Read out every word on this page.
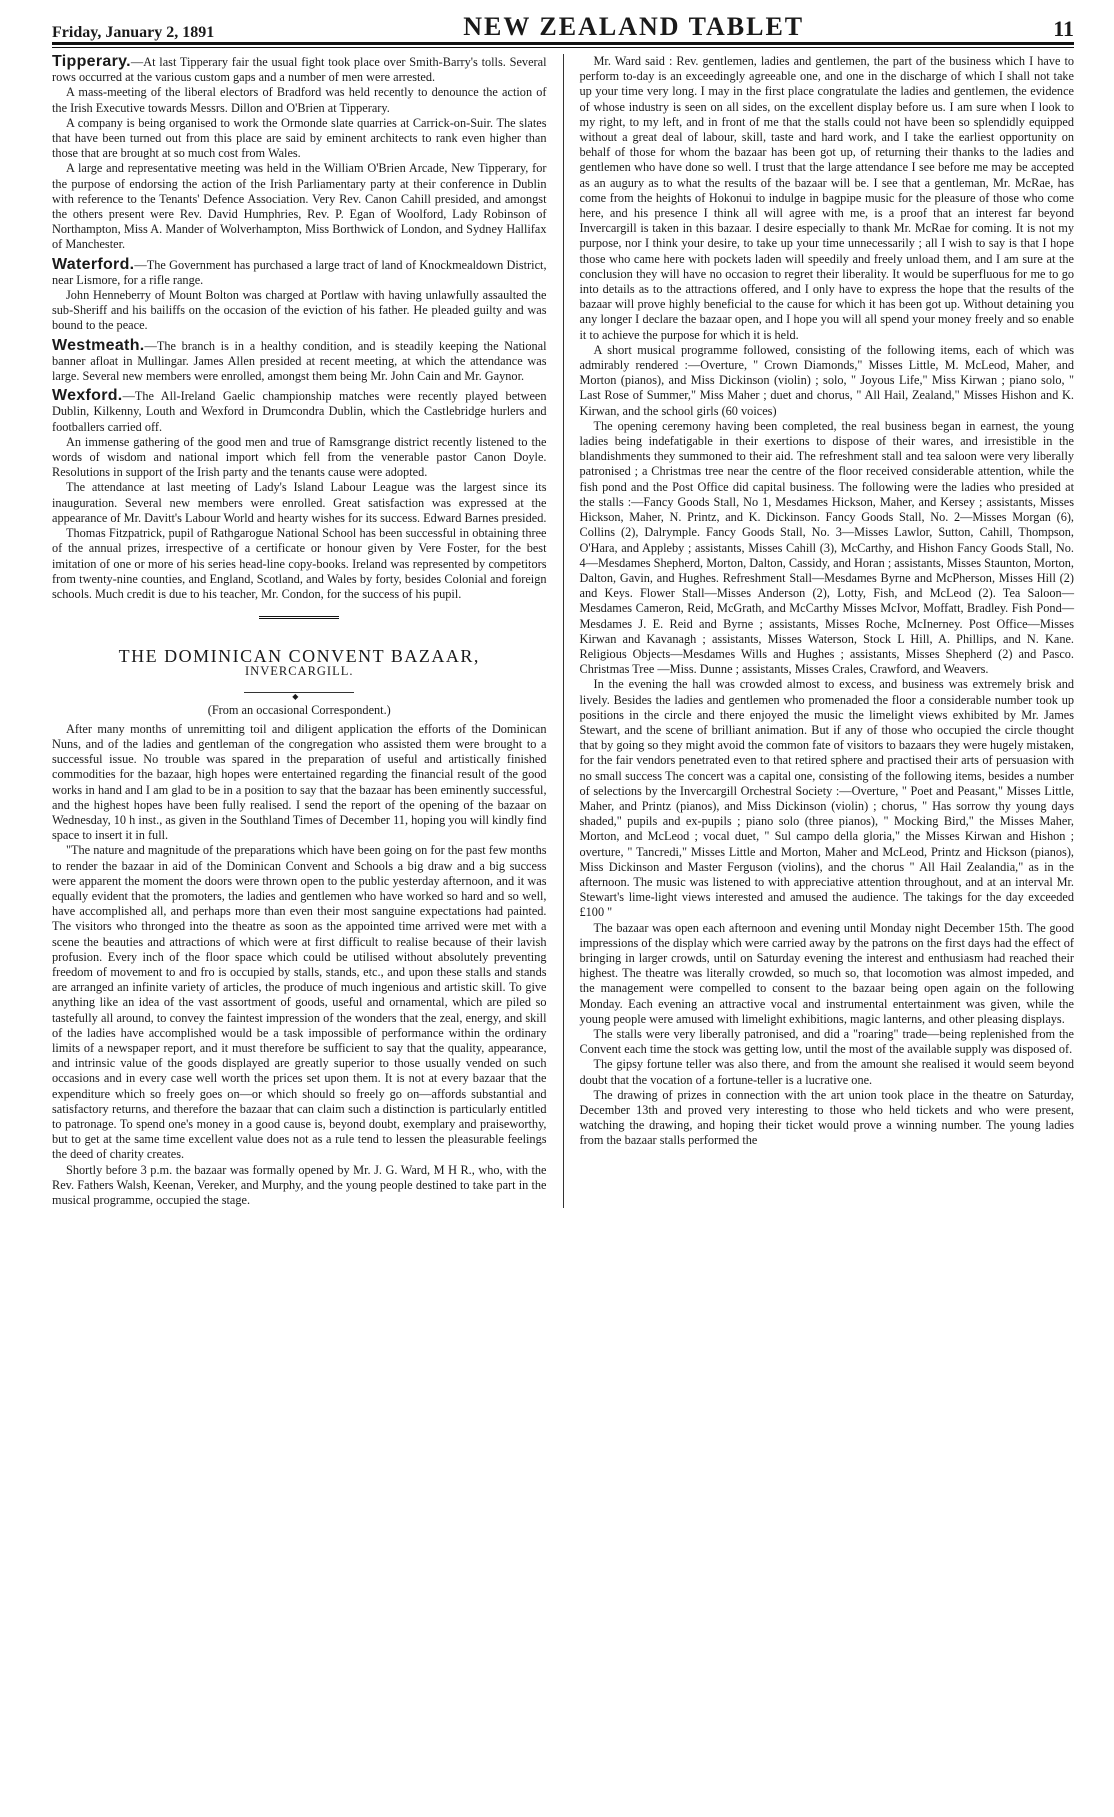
Friday, January 2, 1891	NEW ZEALAND TABLET	11

Tipperary.—At last Tipperary fair the usual fight took place over Smith-Barry's tolls. Several rows occurred at the various custom gaps and a number of men were arrested.

A mass-meeting of the liberal electors of Bradford was held recently to denounce the action of the Irish Executive towards Messrs. Dillon and O'Brien at Tipperary.

A company is being organised to work the Ormonde slate quarries at Carrick-on-Suir. The slates that have been turned out from this place are said by eminent architects to rank even higher than those that are brought at so much cost from Wales.

A large and representative meeting was held in the William O'Brien Arcade, New Tipperary, for the purpose of endorsing the action of the Irish Parliamentary party at their conference in Dublin with reference to the Tenants' Defence Association. Very Rev. Canon Cahill presided, and amongst the others present were Rev. David Humphries, Rev. P. Egan of Woolford, Lady Robinson of Northampton, Miss A. Mander of Wolverhampton, Miss Borthwick of London, and Sydney Hallifax of Manchester.

Waterford.—The Government has purchased a large tract of land of Knockmealdown District, near Lismore, for a rifle range.

John Henneberry of Mount Bolton was charged at Portlaw with having unlawfully assaulted the sub-Sheriff and his bailiffs on the occasion of the eviction of his father. He pleaded guilty and was bound to the peace.

Westmeath.—The branch is in a healthy condition, and is steadily keeping the National banner afloat in Mullingar. James Allen presided at recent meeting, at which the attendance was large. Several new members were enrolled, amongst them being Mr. John Cain and Mr. Gaynor.

Wexford.—The All-Ireland Gaelic championship matches were recently played between Dublin, Kilkenny, Louth and Wexford in Drumcondra Dublin, which the Castlebridge hurlers and footballers carried off.

An immense gathering of the good men and true of Ramsgrange district recently listened to the words of wisdom and national import which fell from the venerable pastor Canon Doyle. Resolutions in support of the Irish party and the tenants cause were adopted.

The attendance at last meeting of Lady's Island Labour League was the largest since its inauguration. Several new members were enrolled. Great satisfaction was expressed at the appearance of Mr. Davitt's Labour World and hearty wishes for its success. Edward Barnes presided.

Thomas Fitzpatrick, pupil of Rathgarogue National School has been successful in obtaining three of the annual prizes, irrespective of a certificate or honour given by Vere Foster, for the best imitation of one or more of his series head-line copy-books. Ireland was represented by competitors from twenty-nine counties, and England, Scotland, and Wales by forty, besides Colonial and foreign schools. Much credit is due to his teacher, Mr. Condon, for the success of his pupil.

THE DOMINICAN CONVENT BAZAAR,
INVERCARGILL.
◆
(From an occasional Correspondent.)

After many months of unremitting toil and diligent application the efforts of the Dominican Nuns, and of the ladies and gentleman of the congregation who assisted them were brought to a successful issue. No trouble was spared in the preparation of useful and artistically finished commodities for the bazaar, high hopes were entertained regarding the financial result of the good works in hand and I am glad to be in a position to say that the bazaar has been eminently successful, and the highest hopes have been fully realised. I send the report of the opening of the bazaar on Wednesday, 10 h inst., as given in the Southland Times of December 11, hoping you will kindly find space to insert it in full.

"The nature and magnitude of the preparations which have been going on for the past few months to render the bazaar in aid of the Dominican Convent and Schools a big draw and a big success were apparent the moment the doors were thrown open to the public yesterday afternoon, and it was equally evident that the promoters, the ladies and gentlemen who have worked so hard and so well, have accomplished all, and perhaps more than even their most sanguine expectations had painted. The visitors who thronged into the theatre as soon as the appointed time arrived were met with a scene the beauties and attractions of which were at first difficult to realise because of their lavish profusion. Every inch of the floor space which could be utilised without absolutely preventing freedom of movement to and fro is occupied by stalls, stands, etc., and upon these stalls and stands are arranged an infinite variety of articles, the produce of much ingenious and artistic skill. To give anything like an idea of the vast assortment of goods, useful and ornamental, which are piled so tastefully all around, to convey the faintest impression of the wonders that the zeal, energy, and skill of the ladies have accomplished would be a task impossible of performance within the ordinary limits of a newspaper report, and it must therefore be sufficient to say that the quality, appearance, and intrinsic value of the goods displayed are greatly superior to those usually vended on such occasions and in every case well worth the prices set upon them. It is not at every bazaar that the expenditure which so freely goes on—or which should so freely go on—affords substantial and satisfactory returns, and therefore the bazaar that can claim such a distinction is particularly entitled to patronage. To spend one's money in a good cause is, beyond doubt, exemplary and praiseworthy, but to get at the same time excellent value does not as a rule tend to lessen the pleasurable feelings the deed of charity creates.

Shortly before 3 p.m. the bazaar was formally opened by Mr. J. G. Ward, M H R., who, with the Rev. Fathers Walsh, Keenan, Vereker, and Murphy, and the young people destined to take part in the musical programme, occupied the stage.

Mr. Ward said : Rev. gentlemen, ladies and gentlemen, the part of the business which I have to perform to-day is an exceedingly agreeable one, and one in the discharge of which I shall not take up your time very long. I may in the first place congratulate the ladies and gentlemen, the evidence of whose industry is seen on all sides, on the excellent display before us. I am sure when I look to my right, to my left, and in front of me that the stalls could not have been so splendidly equipped without a great deal of labour, skill, taste and hard work, and I take the earliest opportunity on behalf of those for whom the bazaar has been got up, of returning their thanks to the ladies and gentlemen who have done so well. I trust that the large attendance I see before me may be accepted as an augury as to what the results of the bazaar will be. I see that a gentleman, Mr. McRae, has come from the heights of Hokonui to indulge in bagpipe music for the pleasure of those who come here, and his presence I think all will agree with me, is a proof that an interest far beyond Invercargill is taken in this bazaar. I desire especially to thank Mr. McRae for coming. It is not my purpose, nor I think your desire, to take up your time unnecessarily ; all I wish to say is that I hope those who came here with pockets laden will speedily and freely unload them, and I am sure at the conclusion they will have no occasion to regret their liberality. It would be superfluous for me to go into details as to the attractions offered, and I only have to express the hope that the results of the bazaar will prove highly beneficial to the cause for which it has been got up. Without detaining you any longer I declare the bazaar open, and I hope you will all spend your money freely and so enable it to achieve the purpose for which it is held.

A short musical programme followed, consisting of the following items, each of which was admirably rendered :—Overture, " Crown Diamonds," Misses Little, M. McLeod, Maher, and Morton (pianos), and Miss Dickinson (violin) ; solo, " Joyous Life," Miss Kirwan ; piano solo, " Last Rose of Summer," Miss Maher ; duet and chorus, " All Hail, Zealand," Misses Hishon and K. Kirwan, and the school girls (60 voices)

The opening ceremony having been completed, the real business began in earnest, the young ladies being indefatigable in their exertions to dispose of their wares, and irresistible in the blandishments they summoned to their aid. The refreshment stall and tea saloon were very liberally patronised ; a Christmas tree near the centre of the floor received considerable attention, while the fish pond and the Post Office did capital business. The following were the ladies who presided at the stalls :—Fancy Goods Stall, No 1, Mesdames Hickson, Maher, and Kersey ; assistants, Misses Hickson, Maher, N. Printz, and K. Dickinson. Fancy Goods Stall, No. 2—Misses Morgan (6), Collins (2), Dalrymple. Fancy Goods Stall, No. 3—Misses Lawlor, Sutton, Cahill, Thompson, O'Hara, and Appleby ; assistants, Misses Cahill (3), McCarthy, and Hishon Fancy Goods Stall, No. 4—Mesdames Shepherd, Morton, Dalton, Cassidy, and Horan ; assistants, Misses Staunton, Morton, Dalton, Gavin, and Hughes. Refreshment Stall—Mesdames Byrne and McPherson, Misses Hill (2) and Keys. Flower Stall—Misses Anderson (2), Lotty, Fish, and McLeod (2). Tea Saloon—Mesdames Cameron, Reid, McGrath, and McCarthy Misses McIvor, Moffatt, Bradley. Fish Pond—Mesdames J. E. Reid and Byrne ; assistants, Misses Roche, McInerney. Post Office—Misses Kirwan and Kavanagh ; assistants, Misses Waterson, Stock L Hill, A. Phillips, and N. Kane. Religious Objects—Mesdames Wills and Hughes ; assistants, Misses Shepherd (2) and Pasco. Christmas Tree —Miss. Dunne ; assistants, Misses Crales, Crawford, and Weavers.

In the evening the hall was crowded almost to excess, and business was extremely brisk and lively. Besides the ladies and gentlemen who promenaded the floor a considerable number took up positions in the circle and there enjoyed the music the limelight views exhibited by Mr. James Stewart, and the scene of brilliant animation. But if any of those who occupied the circle thought that by going so they might avoid the common fate of visitors to bazaars they were hugely mistaken, for the fair vendors penetrated even to that retired sphere and practised their arts of persuasion with no small success The concert was a capital one, consisting of the following items, besides a number of selections by the Invercargill Orchestral Society :—Overture, " Poet and Peasant," Misses Little, Maher, and Printz (pianos), and Miss Dickinson (violin) ; chorus, " Has sorrow thy young days shaded," pupils and ex-pupils ; piano solo (three pianos), " Mocking Bird," the Misses Maher, Morton, and McLeod ; vocal duet, " Sul campo della gloria," the Misses Kirwan and Hishon ; overture, " Tancredi," Misses Little and Morton, Maher and McLeod, Printz and Hickson (pianos), Miss Dickinson and Master Ferguson (violins), and the chorus " All Hail Zealandia," as in the afternoon. The music was listened to with appreciative attention throughout, and at an interval Mr. Stewart's lime-light views interested and amused the audience. The takings for the day exceeded £100 "

The bazaar was open each afternoon and evening until Monday night December 15th. The good impressions of the display which were carried away by the patrons on the first days had the effect of bringing in larger crowds, until on Saturday evening the interest and enthusiasm had reached their highest. The theatre was literally crowded, so much so, that locomotion was almost impeded, and the management were compelled to consent to the bazaar being open again on the following Monday. Each evening an attractive vocal and instrumental entertainment was given, while the young people were amused with limelight exhibitions, magic lanterns, and other pleasing displays.

The stalls were very liberally patronised, and did a "roaring" trade—being replenished from the Convent each time the stock was getting low, until the most of the available supply was disposed of.

The gipsy fortune teller was also there, and from the amount she realised it would seem beyond doubt that the vocation of a fortune-teller is a lucrative one.

The drawing of prizes in connection with the art union took place in the theatre on Saturday, December 13th and proved very interesting to those who held tickets and who were present, watching the drawing, and hoping their ticket would prove a winning number. The young ladies from the bazaar stalls performed the
